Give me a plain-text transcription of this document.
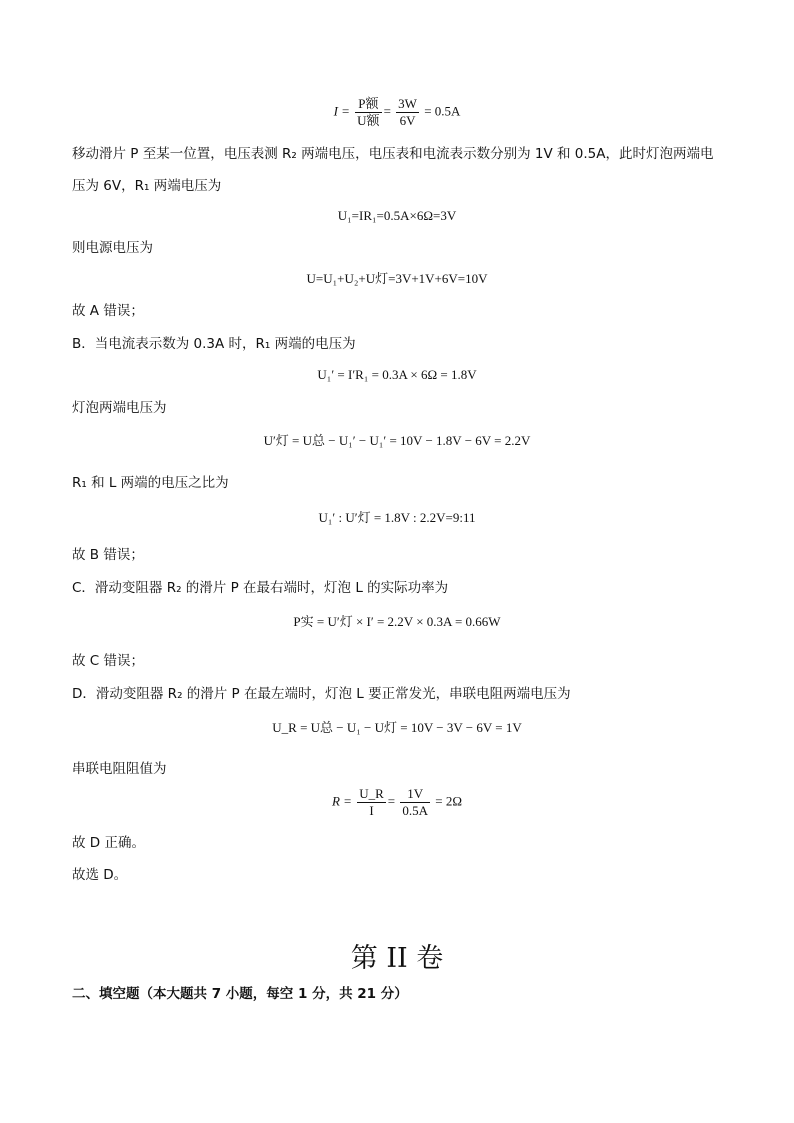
$I = \frac{\text{P额}}{\text{U额}} = \frac{3W}{6V} = 0.5A$
移动滑片 P 至某一位置，电压表测 R₂ 两端电压，电压表和电流表示数分别为 1V 和 0.5A，此时灯泡两端电
压为 6V，R₁ 两端电压为
U₁=IR₁=0.5A×6Ω=3V
则电源电压为
U=U₁+U₂+U灯=3V+1V+6V=10V
故 A 错误；
B．当电流表示数为 0.3A 时，R₁ 两端的电压为
U₁′ = I′R₁ = 0.3A × 6Ω = 1.8V
灯泡两端电压为
U′灯 = U总 − U₁′ − U₁′ = 10V − 1.8V − 6V = 2.2V
R₁ 和 L 两端的电压之比为
U₁′ : U′灯 = 1.8V : 2.2V=9:11
故 B 错误；
C．滑动变阻器 R₂ 的滑片 P 在最右端时，灯泡 L 的实际功率为
P实 = U′灯 × I′ = 2.2V × 0.3A = 0.66W
故 C 错误；
D．滑动变阻器 R₂ 的滑片 P 在最左端时，灯泡 L 要正常发光，串联电阻两端电压为
U_R = U总 − U₁ − U灯 = 10V − 3V − 6V = 1V
串联电阻阻值为
$R = \frac{U\_R}{I} = \frac{1V}{0.5A} = 2\Omega$
故 D 正确。
故选 D。
第 II 卷
二、填空题（本大题共 7 小题，每空 1 分，共 21 分）
